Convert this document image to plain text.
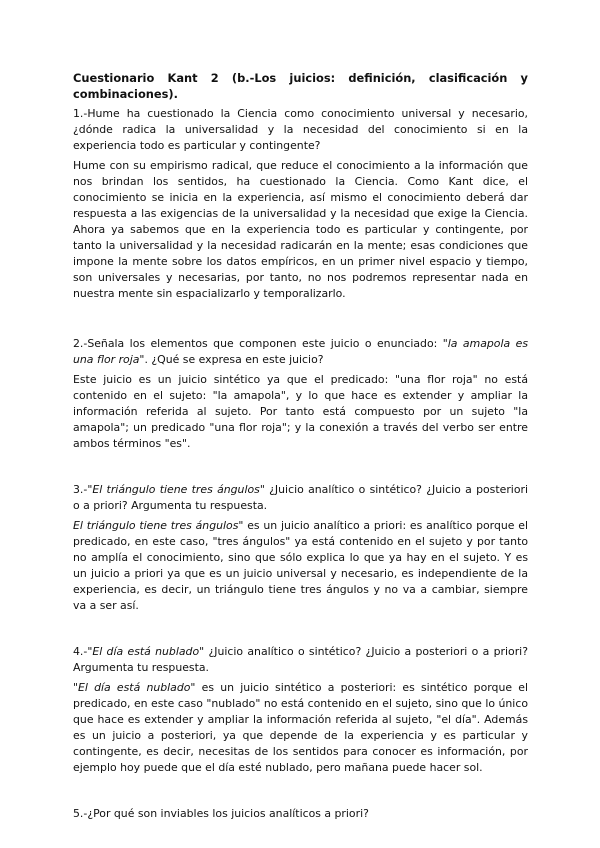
Cuestionario Kant 2 (b.-Los juicios: definición, clasificación y combinaciones).

1.-Hume ha cuestionado la Ciencia como conocimiento universal y necesario, ¿dónde radica la universalidad y la necesidad del conocimiento si en la experiencia todo es particular y contingente?

Hume con su empirismo radical, que reduce el conocimiento a la información que nos brindan los sentidos, ha cuestionado la Ciencia. Como Kant dice, el conocimiento se inicia en la experiencia, así mismo el conocimiento deberá dar respuesta a las exigencias de la universalidad y la necesidad que exige la Ciencia. Ahora ya sabemos que en la experiencia todo es particular y contingente, por tanto la universalidad y la necesidad radicarán en la mente; esas condiciones que impone la mente sobre los datos empíricos, en un primer nivel espacio y tiempo, son universales y necesarias, por tanto, no nos podremos representar nada en nuestra mente sin espacializarlo y temporalizarlo.

2.-Señala los elementos que componen este juicio o enunciado: "la amapola es una flor roja". ¿Qué se expresa en este juicio?

Este juicio es un juicio sintético ya que el predicado: "una flor roja" no está contenido en el sujeto: "la amapola", y lo que hace es extender y ampliar la información referida al sujeto. Por tanto está compuesto por un sujeto "la amapola"; un predicado "una flor roja"; y la conexión a través del verbo ser entre ambos términos "es".

3.-"El triángulo tiene tres ángulos" ¿Juicio analítico o sintético? ¿Juicio a posteriori o a priori? Argumenta tu respuesta.

El triángulo tiene tres ángulos" es un juicio analítico a priori: es analítico porque el predicado, en este caso, "tres ángulos" ya está contenido en el sujeto y por tanto no amplía el conocimiento, sino que sólo explica lo que ya hay en el sujeto. Y es un juicio a priori ya que es un juicio universal y necesario, es independiente de la experiencia, es decir, un triángulo tiene tres ángulos y no va a cambiar, siempre va a ser así.

4.-"El día está nublado" ¿Juicio analítico o sintético? ¿Juicio a posteriori o a priori? Argumenta tu respuesta.

"El día está nublado" es un juicio sintético a posteriori: es sintético porque el predicado, en este caso "nublado" no está contenido en el sujeto, sino que lo único que hace es extender y ampliar la información referida al sujeto, "el día". Además es un juicio a posteriori, ya que depende de la experiencia y es particular y contingente, es decir, necesitas de los sentidos para conocer es información, por ejemplo hoy puede que el día esté nublado, pero mañana puede hacer sol.

5.-¿Por qué son inviables los juicios analíticos a priori?
